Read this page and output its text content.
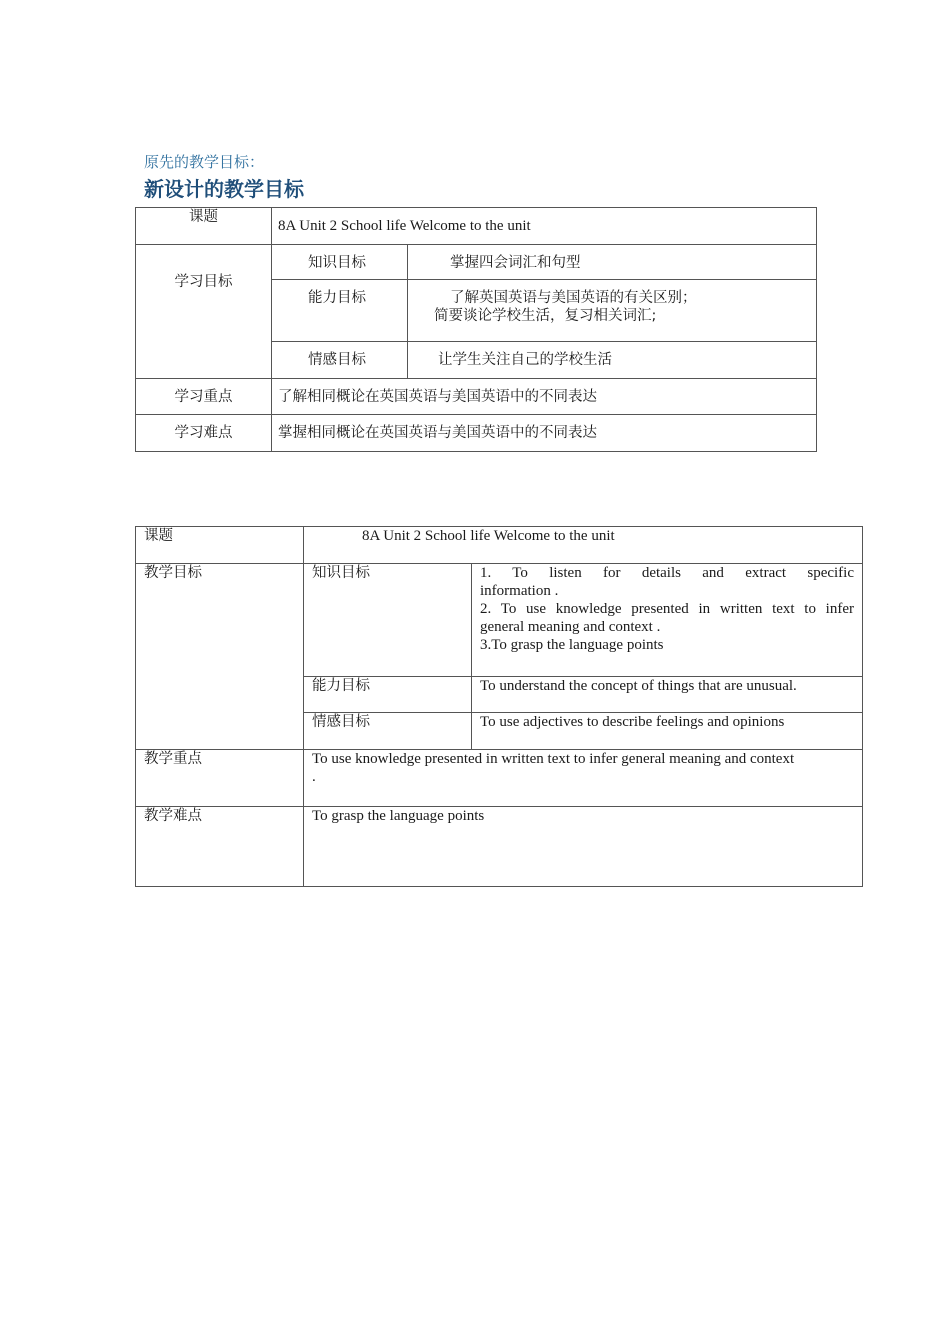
原先的教学目标：
新设计的教学目标
课题	8A Unit 2 School life Welcome to the unit	
学习目标	知识目标	掌握四会词汇和句型
	能力目标	了解英国英语与美国英语的有关区别；
简要谈论学校生活，复习相关词汇;

	情感目标	让学生关注自己的学校生活
学习重点	了解相同概论在英国英语与美国英语中的不同表达	
学习难点	掌握相同概论在英国英语与美国英语中的不同表达	
课题	8A Unit 2 School life Welcome to the unit	
教学目标	知识目标	1. To listen for details and extract specific
information .
2. To use knowledge presented in written text to infer
general meaning and context .
3.To grasp the language points

	能力目标	To understand the concept of things that are unusual.
	情感目标	To use adjectives to describe feelings and opinions
教学重点	To use knowledge presented in written text to infer general meaning and context
.	

教学难点	To grasp the language points	
